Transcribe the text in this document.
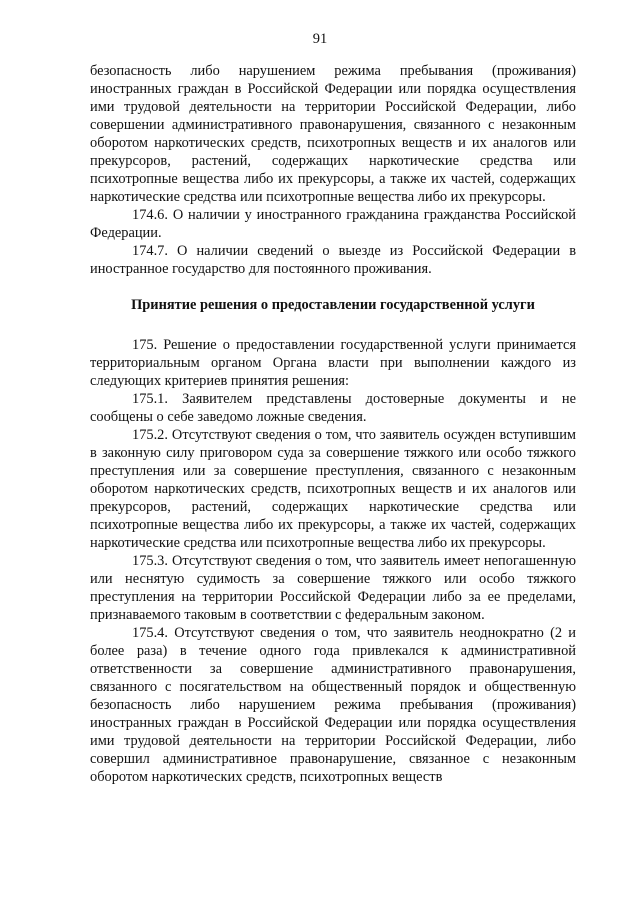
91

безопасность либо нарушением режима пребывания (проживания) иностранных граждан в Российской Федерации или порядка осуществления ими трудовой деятельности на территории Российской Федерации, либо совершении административного правонарушения, связанного с незаконным оборотом наркотических средств, психотропных веществ и их аналогов или прекурсоров, растений, содержащих наркотические средства или психотропные вещества либо их прекурсоры, а также их частей, содержащих наркотические средства или психотропные вещества либо их прекурсоры.

174.6. О наличии у иностранного гражданина гражданства Российской Федерации.

174.7. О наличии сведений о выезде из Российской Федерации в иностранное государство для постоянного проживания.

Принятие решения о предоставлении государственной услуги

175. Решение о предоставлении государственной услуги принимается территориальным органом Органа власти при выполнении каждого из следующих критериев принятия решения:

175.1. Заявителем представлены достоверные документы и не сообщены о себе заведомо ложные сведения.

175.2. Отсутствуют сведения о том, что заявитель осужден вступившим в законную силу приговором суда за совершение тяжкого или особо тяжкого преступления или за совершение преступления, связанного с незаконным оборотом наркотических средств, психотропных веществ и их аналогов или прекурсоров, растений, содержащих наркотические средства или психотропные вещества либо их прекурсоры, а также их частей, содержащих наркотические средства или психотропные вещества либо их прекурсоры.

175.3. Отсутствуют сведения о том, что заявитель имеет непогашенную или неснятую судимость за совершение тяжкого или особо тяжкого преступления на территории Российской Федерации либо за ее пределами, признаваемого таковым в соответствии с федеральным законом.

175.4. Отсутствуют сведения о том, что заявитель неоднократно (2 и более раза) в течение одного года привлекался к административной ответственности за совершение административного правонарушения, связанного с посягательством на общественный порядок и общественную безопасность либо нарушением режима пребывания (проживания) иностранных граждан в Российской Федерации или порядка осуществления ими трудовой деятельности на территории Российской Федерации, либо совершил административное правонарушение, связанное с незаконным оборотом наркотических средств, психотропных веществ
